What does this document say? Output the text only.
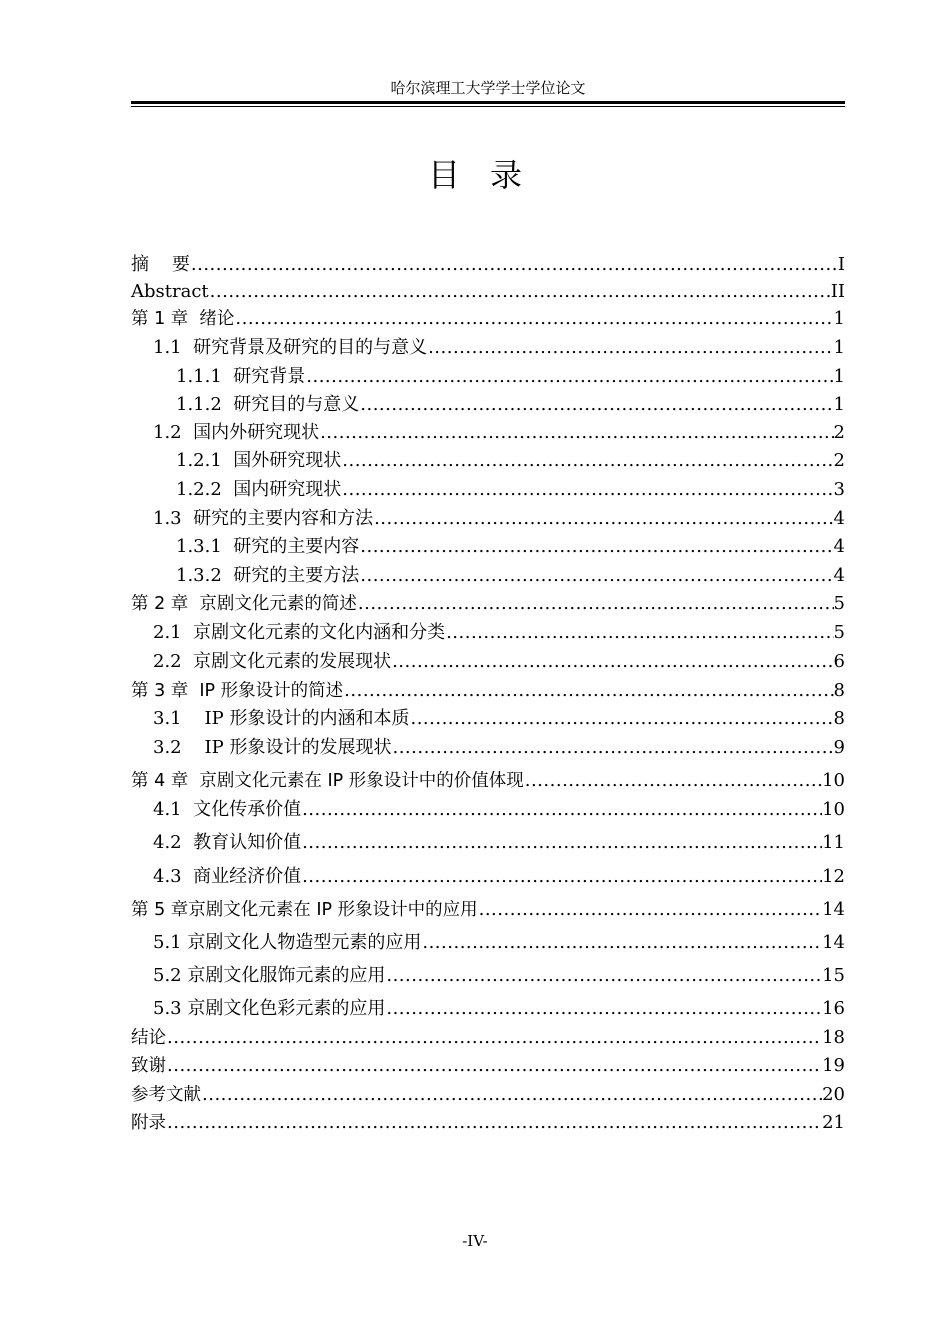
哈尔滨理工大学学士学位论文
目录
摘    要 .....	I
Abstract .....	II
第 1 章  绪论 .....	1
1.1  研究背景及研究的目的与意义 .....	1
1.1.1  研究背景 .....	1
1.1.2  研究目的与意义 .....	1
1.2  国内外研究现状 .....	2
1.2.1  国外研究现状 .....	2
1.2.2  国内研究现状 .....	3
1.3  研究的主要内容和方法 .....	4
1.3.1  研究的主要内容 .....	4
1.3.2  研究的主要方法 .....	4
第 2 章  京剧文化元素的简述 .....	5
2.1  京剧文化元素的文化内涵和分类 .....	5
2.2  京剧文化元素的发展现状 .....	6
第 3 章  IP 形象设计的简述 .....	8
3.1    IP 形象设计的内涵和本质 .....	8
3.2    IP 形象设计的发展现状 .....	9
第 4 章  京剧文化元素在 IP 形象设计中的价值体现 .....	10
4.1  文化传承价值 .....	10
4.2  教育认知价值 .....	11
4.3  商业经济价值 .....	12
第 5 章京剧文化元素在 IP 形象设计中的应用 .....	14
5.1 京剧文化人物造型元素的应用 .....	14
5.2 京剧文化服饰元素的应用 .....	15
5.3 京剧文化色彩元素的应用 .....	16
结论 .....	18
致谢 .....	19
参考文献 .....	20
附录 .....	21
-IV-
